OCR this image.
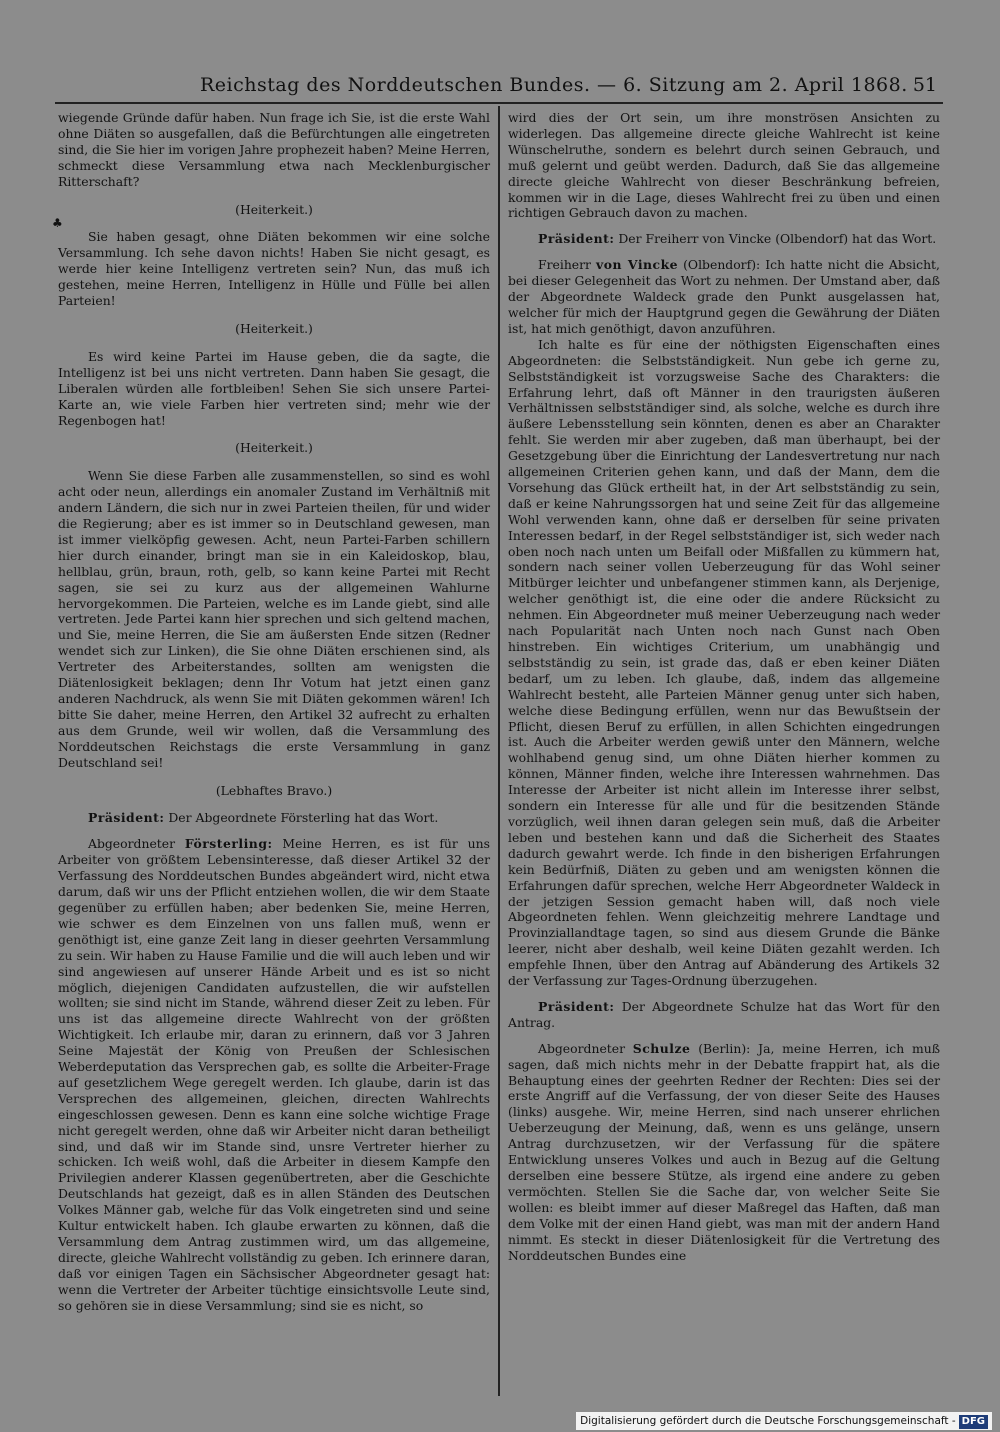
Reichstag des Norddeutschen Bundes. — 6. Sitzung am 2. April 1868. 51
♣

wiegende Gründe dafür haben. Nun frage ich Sie, ist die erste Wahl ohne Diäten so ausgefallen, daß die Befürchtungen alle eingetreten sind, die Sie hier im vorigen Jahre prophezeit haben? Meine Herren, schmeckt diese Versammlung etwa nach Mecklenburgischer Ritterschaft?

(Heiterkeit.)

Sie haben gesagt, ohne Diäten bekommen wir eine solche Versammlung. Ich sehe davon nichts! Haben Sie nicht gesagt, es werde hier keine Intelligenz vertreten sein? Nun, das muß ich gestehen, meine Herren, Intelligenz in Hülle und Fülle bei allen Parteien!

(Heiterkeit.)

Es wird keine Partei im Hause geben, die da sagte, die Intelligenz ist bei uns nicht vertreten. Dann haben Sie gesagt, die Liberalen würden alle fortbleiben! Sehen Sie sich unsere Partei-Karte an, wie viele Farben hier vertreten sind; mehr wie der Regenbogen hat!

(Heiterkeit.)

Wenn Sie diese Farben alle zusammenstellen, so sind es wohl acht oder neun, allerdings ein anomaler Zustand im Verhältniß mit andern Ländern, die sich nur in zwei Parteien theilen, für und wider die Regierung; aber es ist immer so in Deutschland gewesen, man ist immer vielköpfig gewesen. Acht, neun Partei-Farben schillern hier durch einander, bringt man sie in ein Kaleidoskop, blau, hellblau, grün, braun, roth, gelb, so kann keine Partei mit Recht sagen, sie sei zu kurz aus der allgemeinen Wahlurne hervorgekommen. Die Parteien, welche es im Lande giebt, sind alle vertreten. Jede Partei kann hier sprechen und sich geltend machen, und Sie, meine Herren, die Sie am äußersten Ende sitzen (Redner wendet sich zur Linken), die Sie ohne Diäten erschienen sind, als Vertreter des Arbeiterstandes, sollten am wenigsten die Diätenlosigkeit beklagen; denn Ihr Votum hat jetzt einen ganz anderen Nachdruck, als wenn Sie mit Diäten gekommen wären! Ich bitte Sie daher, meine Herren, den Artikel 32 aufrecht zu erhalten aus dem Grunde, weil wir wollen, daß die Versammlung des Norddeutschen Reichstags die erste Versammlung in ganz Deutschland sei!

(Lebhaftes Bravo.)

Präsident: Der Abgeordnete Försterling hat das Wort.

Abgeordneter Försterling: Meine Herren, es ist für uns Arbeiter von größtem Lebensinteresse, daß dieser Artikel 32 der Verfassung des Norddeutschen Bundes abgeändert wird, nicht etwa darum, daß wir uns der Pflicht entziehen wollen, die wir dem Staate gegenüber zu erfüllen haben; aber bedenken Sie, meine Herren, wie schwer es dem Einzelnen von uns fallen muß, wenn er genöthigt ist, eine ganze Zeit lang in dieser geehrten Versammlung zu sein. Wir haben zu Hause Familie und die will auch leben und wir sind angewiesen auf unserer Hände Arbeit und es ist so nicht möglich, diejenigen Candidaten aufzustellen, die wir aufstellen wollten; sie sind nicht im Stande, während dieser Zeit zu leben. Für uns ist das allgemeine directe Wahlrecht von der größten Wichtigkeit. Ich erlaube mir, daran zu erinnern, daß vor 3 Jahren Seine Majestät der König von Preußen der Schlesischen Weberdeputation das Versprechen gab, es sollte die Arbeiter-Frage auf gesetzlichem Wege geregelt werden. Ich glaube, darin ist das Versprechen des allgemeinen, gleichen, directen Wahlrechts eingeschlossen gewesen. Denn es kann eine solche wichtige Frage nicht geregelt werden, ohne daß wir Arbeiter nicht daran betheiligt sind, und daß wir im Stande sind, unsre Vertreter hierher zu schicken. Ich weiß wohl, daß die Arbeiter in diesem Kampfe den Privilegien anderer Klassen gegenübertreten, aber die Geschichte Deutschlands hat gezeigt, daß es in allen Ständen des Deutschen Volkes Männer gab, welche für das Volk eingetreten sind und seine Kultur entwickelt haben. Ich glaube erwarten zu können, daß die Versammlung dem Antrag zustimmen wird, um das allgemeine, directe, gleiche Wahlrecht vollständig zu geben. Ich erinnere daran, daß vor einigen Tagen ein Sächsischer Abgeordneter gesagt hat: wenn die Vertreter der Arbeiter tüchtige einsichtsvolle Leute sind, so gehören sie in diese Versammlung; sind sie es nicht, so

wird dies der Ort sein, um ihre monströsen Ansichten zu widerlegen. Das allgemeine directe gleiche Wahlrecht ist keine Wünschelruthe, sondern es belehrt durch seinen Gebrauch, und muß gelernt und geübt werden. Dadurch, daß Sie das allgemeine directe gleiche Wahlrecht von dieser Beschränkung befreien, kommen wir in die Lage, dieses Wahlrecht frei zu üben und einen richtigen Gebrauch davon zu machen.

Präsident: Der Freiherr von Vincke (Olbendorf) hat das Wort.

Freiherr von Vincke (Olbendorf): Ich hatte nicht die Absicht, bei dieser Gelegenheit das Wort zu nehmen. Der Umstand aber, daß der Abgeordnete Waldeck grade den Punkt ausgelassen hat, welcher für mich der Hauptgrund gegen die Gewährung der Diäten ist, hat mich genöthigt, davon anzuführen.

Ich halte es für eine der nöthigsten Eigenschaften eines Abgeordneten: die Selbstständigkeit. Nun gebe ich gerne zu, Selbstständigkeit ist vorzugsweise Sache des Charakters: die Erfahrung lehrt, daß oft Männer in den traurigsten äußeren Verhältnissen selbstständiger sind, als solche, welche es durch ihre äußere Lebensstellung sein könnten, denen es aber an Charakter fehlt. Sie werden mir aber zugeben, daß man überhaupt, bei der Gesetzgebung über die Einrichtung der Landesvertretung nur nach allgemeinen Criterien gehen kann, und daß der Mann, dem die Vorsehung das Glück ertheilt hat, in der Art selbstständig zu sein, daß er keine Nahrungssorgen hat und seine Zeit für das allgemeine Wohl verwenden kann, ohne daß er derselben für seine privaten Interessen bedarf, in der Regel selbstständiger ist, sich weder nach oben noch nach unten um Beifall oder Mißfallen zu kümmern hat, sondern nach seiner vollen Ueberzeugung für das Wohl seiner Mitbürger leichter und unbefangener stimmen kann, als Derjenige, welcher genöthigt ist, die eine oder die andere Rücksicht zu nehmen. Ein Abgeordneter muß meiner Ueberzeugung nach weder nach Popularität nach Unten noch nach Gunst nach Oben hinstreben. Ein wichtiges Criterium, um unabhängig und selbstständig zu sein, ist grade das, daß er eben keiner Diäten bedarf, um zu leben. Ich glaube, daß, indem das allgemeine Wahlrecht besteht, alle Parteien Männer genug unter sich haben, welche diese Bedingung erfüllen, wenn nur das Bewußtsein der Pflicht, diesen Beruf zu erfüllen, in allen Schichten eingedrungen ist. Auch die Arbeiter werden gewiß unter den Männern, welche wohlhabend genug sind, um ohne Diäten hierher kommen zu können, Männer finden, welche ihre Interessen wahrnehmen. Das Interesse der Arbeiter ist nicht allein im Interesse ihrer selbst, sondern ein Interesse für alle und für die besitzenden Stände vorzüglich, weil ihnen daran gelegen sein muß, daß die Arbeiter leben und bestehen kann und daß die Sicherheit des Staates dadurch gewahrt werde. Ich finde in den bisherigen Erfahrungen kein Bedürfniß, Diäten zu geben und am wenigsten können die Erfahrungen dafür sprechen, welche Herr Abgeordneter Waldeck in der jetzigen Session gemacht haben will, daß noch viele Abgeordneten fehlen. Wenn gleichzeitig mehrere Landtage und Provinziallandtage tagen, so sind aus diesem Grunde die Bänke leerer, nicht aber deshalb, weil keine Diäten gezahlt werden. Ich empfehle Ihnen, über den Antrag auf Abänderung des Artikels 32 der Verfassung zur Tages-Ordnung überzugehen.

Präsident: Der Abgeordnete Schulze hat das Wort für den Antrag.

Abgeordneter Schulze (Berlin): Ja, meine Herren, ich muß sagen, daß mich nichts mehr in der Debatte frappirt hat, als die Behauptung eines der geehrten Redner der Rechten: Dies sei der erste Angriff auf die Verfassung, der von dieser Seite des Hauses (links) ausgehe. Wir, meine Herren, sind nach unserer ehrlichen Ueberzeugung der Meinung, daß, wenn es uns gelänge, unsern Antrag durchzusetzen, wir der Verfassung für die spätere Entwicklung unseres Volkes und auch in Bezug auf die Geltung derselben eine bessere Stütze, als irgend eine andere zu geben vermöchten. Stellen Sie die Sache dar, von welcher Seite Sie wollen: es bleibt immer auf dieser Maßregel das Haften, daß man dem Volke mit der einen Hand giebt, was man mit der andern Hand nimmt. Es steckt in dieser Diätenlosigkeit für die Vertretung des Norddeutschen Bundes eine

Digitalisierung gefördert durch die Deutsche Forschungsgemeinschaft - DFG
